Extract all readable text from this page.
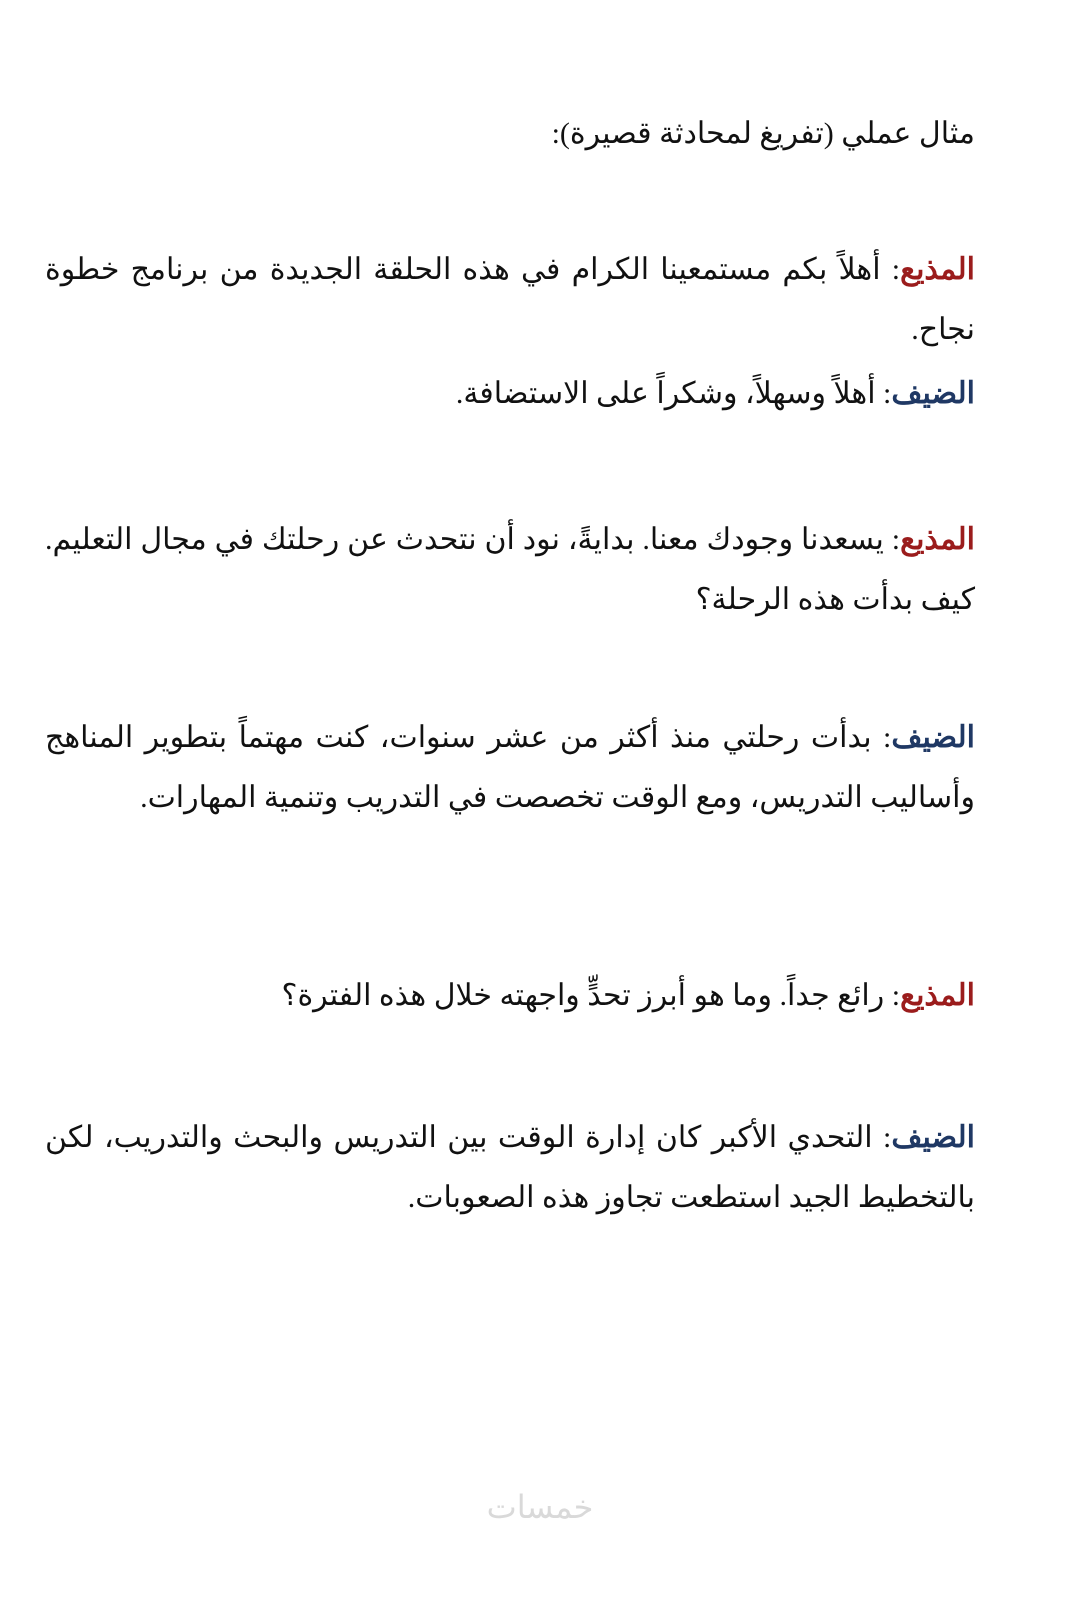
مثال عملي (تفريغ لمحادثة قصيرة):

المذيع: أهلاً بكم مستمعينا الكرام في هذه الحلقة الجديدة من برنامج خطوة نجاح.

الضيف: أهلاً وسهلاً، وشكراً على الاستضافة.

المذيع: يسعدنا وجودك معنا. بدايةً، نود أن نتحدث عن رحلتك في مجال التعليم. كيف بدأت هذه الرحلة؟

الضيف: بدأت رحلتي منذ أكثر من عشر سنوات، كنت مهتماً بتطوير المناهج وأساليب التدريس، ومع الوقت تخصصت في التدريب وتنمية المهارات.

المذيع: رائع جداً. وما هو أبرز تحدٍّ واجهته خلال هذه الفترة؟

الضيف: التحدي الأكبر كان إدارة الوقت بين التدريس والبحث والتدريب، لكن بالتخطيط الجيد استطعت تجاوز هذه الصعوبات.

خمسات
